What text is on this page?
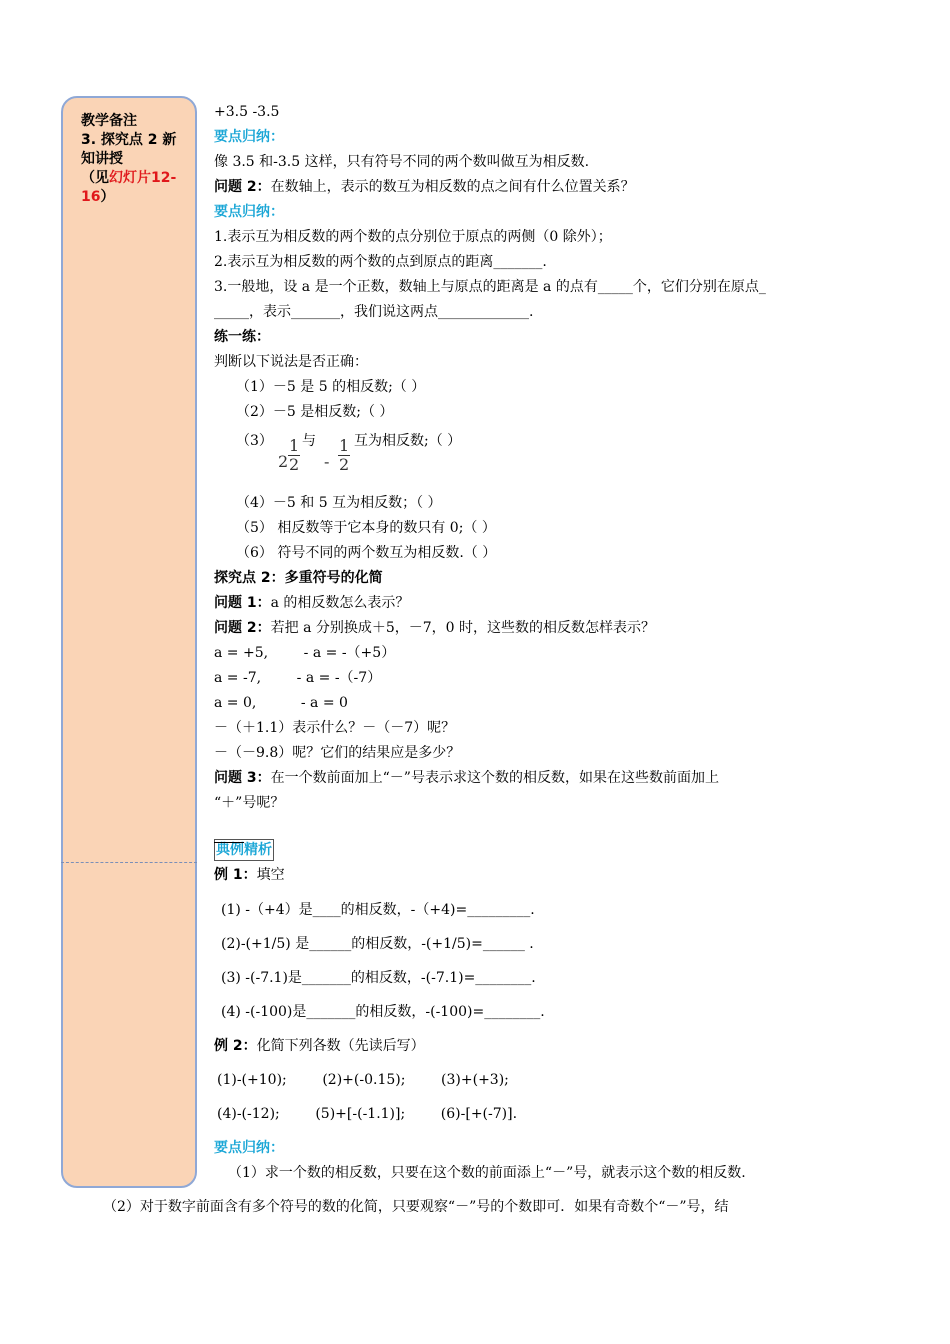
教学备注
3. 探究点 2 新知讲授
（见幻灯片12-16）
+3.5 -3.5
要点归纳：
像 3.5 和-3.5 这样，只有符号不同的两个数叫做互为相反数.
问题 2：在数轴上，表示的数互为相反数的点之间有什么位置关系？
要点归纳：
1.表示互为相反数的两个数的点分别位于原点的两侧（0 除外）；
2.表示互为相反数的两个数的点到原点的距离_______.
3.一般地，设 a 是一个正数，数轴上与原点的距离是 a 的点有_____个，它们分别在原点_
_____，表示_______，我们说这两点_____________.
练一练：
判断以下说法是否正确：
（1）－5 是 5 的相反数;（ ）
（2）－5 是相反数;（ ）
（3） 与	互为相反数;（ ）
$2 \frac{1}{2} - \frac{1}{2}$
（4）－5 和 5 互为相反数；（ ）
（5） 相反数等于它本身的数只有 0;（ ）
（6） 符号不同的两个数互为相反数.（ ）
探究点 2：多重符号的化简
问题 1：a 的相反数怎么表示？
问题 2：若把 a 分别换成＋5，－7，0 时，这些数的相反数怎样表示？
a = +5,        - a = -（+5）
a = -7,        - a = -（-7）
a = 0,          - a = 0
－（＋1.1）表示什么？－（－7）呢？
－（－9.8）呢？它们的结果应是多少？
问题 3：在一个数前面加上“－”号表示求这个数的相反数，如果在这些数前面加上
“＋”号呢？
典例精析
例 1：填空
(1) -（+4）是____的相反数，-（+4)=_________.
(2)-(+1/5) 是______的相反数，-(+1/5)=______ .
(3) -(-7.1)是_______的相反数，-(-7.1)=________.
(4) -(-100)是_______的相反数，-(-100)=________.
例 2：化简下列各数（先读后写）
(1)-(+10);        (2)+(-0.15);        (3)+(+3);
(4)-(-12);        (5)+[-(-1.1)];        (6)-[+(-7)].
要点归纳：
（1）求一个数的相反数，只要在这个数的前面添上“－”号，就表示这个数的相反数.
（2）对于数字前面含有多个符号的数的化简，只要观察“－”号的个数即可．如果有奇数个“－”号，结
